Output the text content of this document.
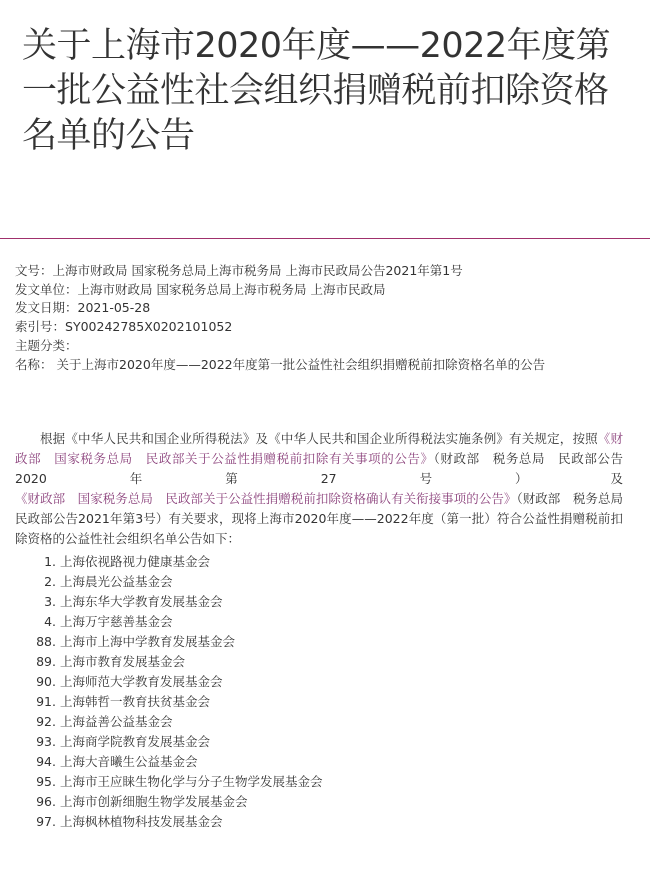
关于上海市2020年度——2022年度第一批公益性社会组织捐赠税前扣除资格名单的公告
文号：上海市财政局 国家税务总局上海市税务局 上海市民政局公告2021年第1号
发文单位：上海市财政局 国家税务总局上海市税务局 上海市民政局
发文日期：2021-05-28
索引号：SY00242785X0202101052
主题分类：
名称： 关于上海市2020年度——2022年度第一批公益性社会组织捐赠税前扣除资格名单的公告

根据《中华人民共和国企业所得税法》及《中华人民共和国企业所得税法实施条例》有关规定，按照《财政部　国家税务总局　民政部关于公益性捐赠税前扣除有关事项的公告》（财政部　税务总局　民政部公告2020年第27号）及《财政部　国家税务总局　民政部关于公益性捐赠税前扣除资格确认有关衔接事项的公告》（财政部　税务总局　民政部公告2021年第3号）有关要求，现将上海市2020年度——2022年度（第一批）符合公益性捐赠税前扣除资格的公益性社会组织名单公告如下：

1. 上海依视路视力健康基金会
2. 上海晨光公益基金会
3. 上海东华大学教育发展基金会
4. 上海万宇慈善基金会
88. 上海市上海中学教育发展基金会
89. 上海市教育发展基金会
90. 上海师范大学教育发展基金会
91. 上海韩哲一教育扶贫基金会
92. 上海益善公益基金会
93. 上海商学院教育发展基金会
94. 上海大音曦生公益基金会
95. 上海市王应睐生物化学与分子生物学发展基金会
96. 上海市创新细胞生物学发展基金会
97. 上海枫林植物科技发展基金会
